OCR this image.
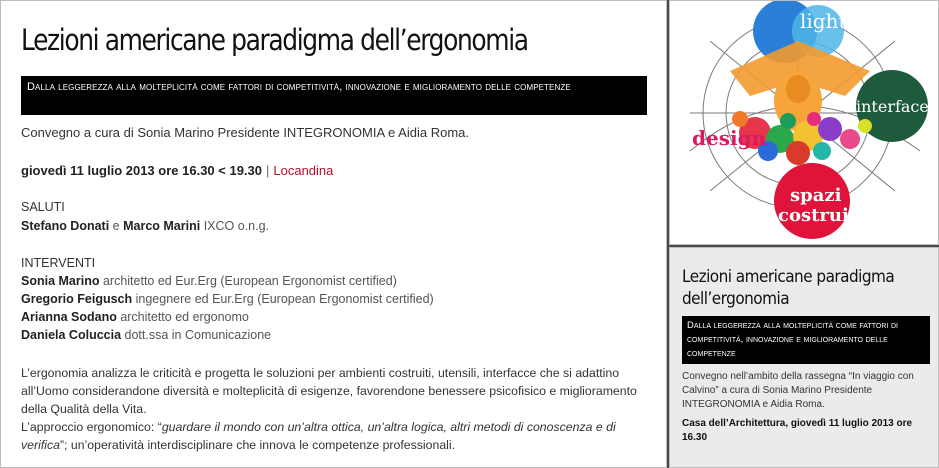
Lezioni americane paradigma dell’ergonomia
Dalla leggerezza alla molteplicità come fattori di competitività, innovazione e miglioramento delle competenze
Convegno a cura di Sonia Marino Presidente INTEGRONOMIA e Aidia Roma.
giovedì 11 luglio 2013 ore 16.30 < 19.30 | Locandina
SALUTI
Stefano Donati e Marco Marini IXCO o.n.g.
INTERVENTI
Sonia Marino architetto ed Eur.Erg (European Ergonomist certified)
Gregorio Feigusch ingegnere ed Eur.Erg (European Ergonomist certified)
Arianna Sodano architetto ed ergonomo
Daniela Coluccia dott.ssa in Comunicazione
L’ergonomia analizza le criticità e progetta le soluzioni per ambienti costruiti, utensili, interfacce che si adattino all’Uomo considerandone diversità e molteplicità di esigenze, favorendone benessere psicofisico e miglioramento della Qualità della Vita.
L’approccio ergonomico: “guardare il mondo con un’altra ottica, un’altra logica, altri metodi di conoscenza e di verifica”; un’operatività interdisciplinare che innova le competenze professionali.
lighting
interface
design
spazi
costruiti
Lezioni americane paradigma dell’ergonomia
Dalla leggerezza alla molteplicità come fattori di competitività, innovazione e miglioramento delle competenze
Convegno nell’ambito della rassegna “In viaggio con Calvino” a cura di Sonia Marino Presidente INTEGRONOMIA e Aidia Roma.
Casa dell’Architettura, giovedì 11 luglio 2013 ore 16.30
